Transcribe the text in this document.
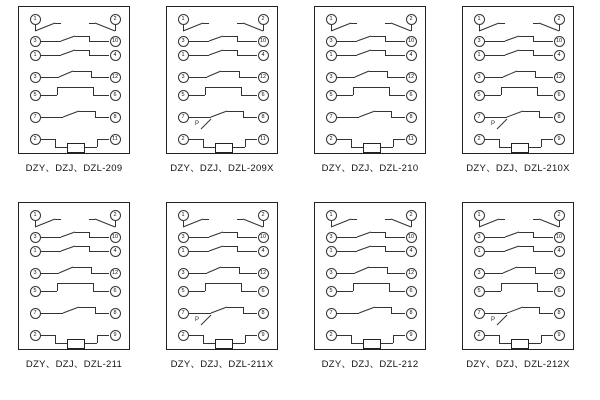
1
3
1
3
5
7
2
2
10
4
12
6
8
11
DZY、DZJ、DZL-209
1
3
1
3
5
7
2
2
10
4
12
6
8
11
P
DZY、DZJ、DZL-209X
1
3
1
3
5
7
2
2
10
4
12
6
8
11
DZY、DZJ、DZL-210
1
3
1
3
5
7
2
2
10
4
12
6
8
9
P
DZY、DZJ、DZL-210X
1
3
1
3
5
7
2
2
10
4
12
6
8
9
DZY、DZJ、DZL-211
1
3
1
3
5
7
2
2
10
4
12
6
8
9
P
DZY、DZJ、DZL-211X
1
3
1
3
5
7
2
2
10
4
12
6
8
9
DZY、DZJ、DZL-212
1
3
1
3
5
7
2
2
10
4
12
6
8
9
P
DZY、DZJ、DZL-212X
